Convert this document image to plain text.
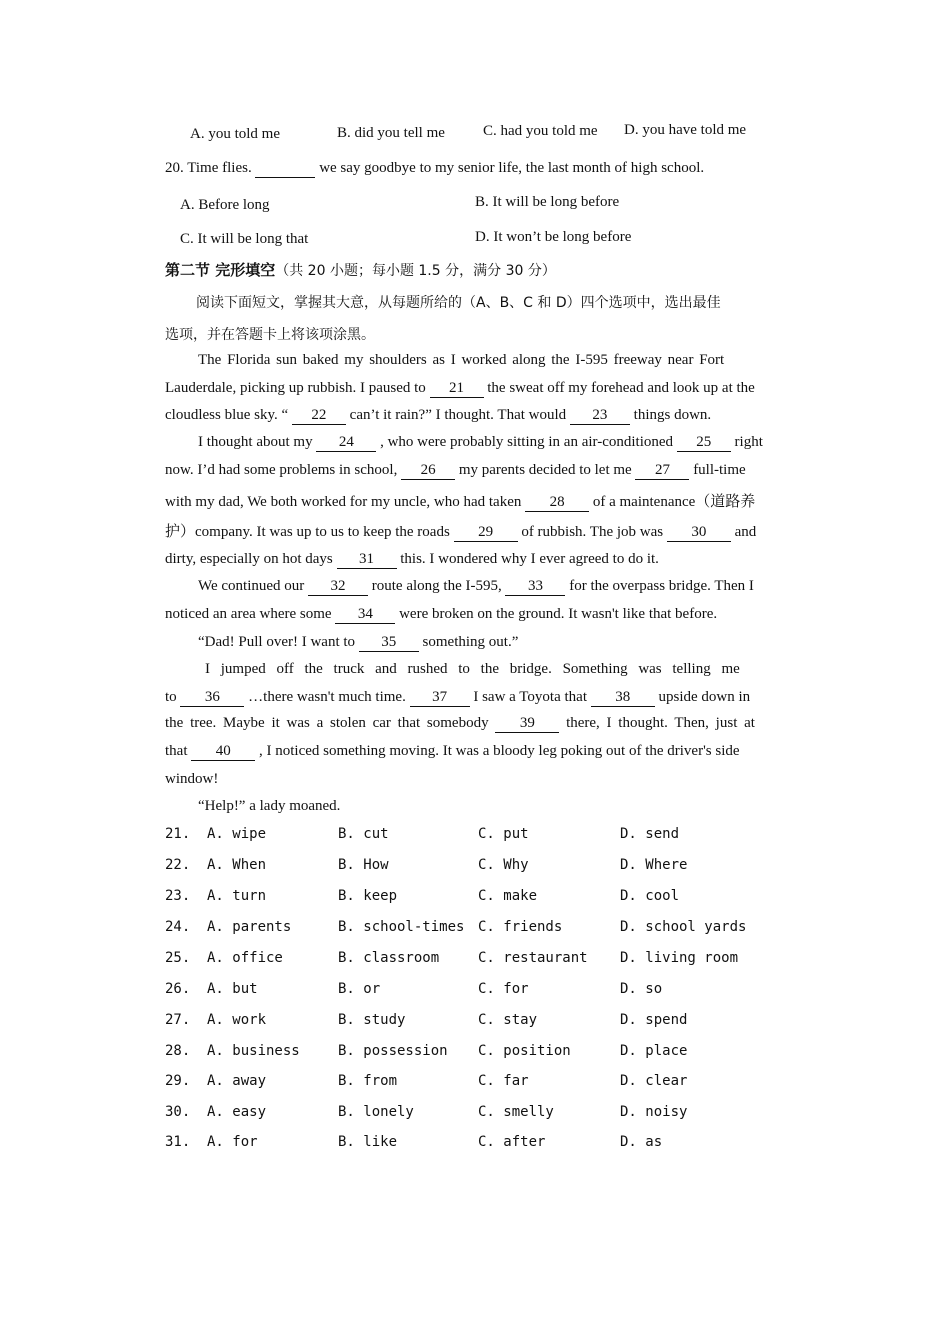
A. you told me	B. did you tell me	C. had you told me D. you have told me
20. Time flies.	we say goodbye to my senior life, the last month of high school.
A. Before long	B. It will be long before
C. It will be long that	D. It won’t be long before
第二节 完形填空（共 20 小题；每小题 1.5 分，满分 30 分）
阅读下面短文，掌握其大意，从每题所给的（A、B、C 和 D）四个选项中，选出最佳
选项，并在答题卡上将该项涂黑。
The Florida sun baked my shoulders as I worked along the I-595 freeway near Fort
Lauderdale, picking up rubbish. I paused to 21 the sweat off my forehead and look up at the
cloudless blue sky. “ 22 can’t it rain?” I thought. That would 23 things down.
I thought about my 24 , who were probably sitting in an air-conditioned 25 right
now. I’d had some problems in school, 26 my parents decided to let me 27 full-time
with my dad, We both worked for my uncle, who had taken 28 of a maintenance（道路养
护）company. It was up to us to keep the roads 29 of rubbish. The job was 30 and
dirty, especially on hot days 31 this. I wondered why I ever agreed to do it.
We continued our 32 route along the I-595, 33 for the overpass bridge. Then I
noticed an area where some 34 were broken on the ground. It wasn't like that before.
“Dad! Pull over! I want to 35 something out.”
I jumped off the truck and rushed to the bridge. Something was telling me
to 36 …there wasn't much time. 37 I saw a Toyota that 38 upside down in
the tree. Maybe it was a stolen car that somebody 39 there, I thought. Then, just at
that 40 , I noticed something moving. It was a bloody leg poking out of the driver's side
window!
“Help!” a lady moaned.
21. A. wipe	B. cut	C. put	D. send
22. A. When	B. How	C. Why	D. Where
23. A. turn	B. keep	C. make	D. cool
24. A. parents	B. school-times C. friends	D. school yards
25. A. office	B. classroom	C. restaurant D. living room
26. A. but	B. or	C. for	D. so
27. A. work	B. study	C. stay	D. spend
28. A. business	B. possession C. position	D. place
29. A. away	B. from	C. far	D. clear
30. A. easy	B. lonely	C. smelly	D. noisy
31. A. for	B. like	C. after	D. as
